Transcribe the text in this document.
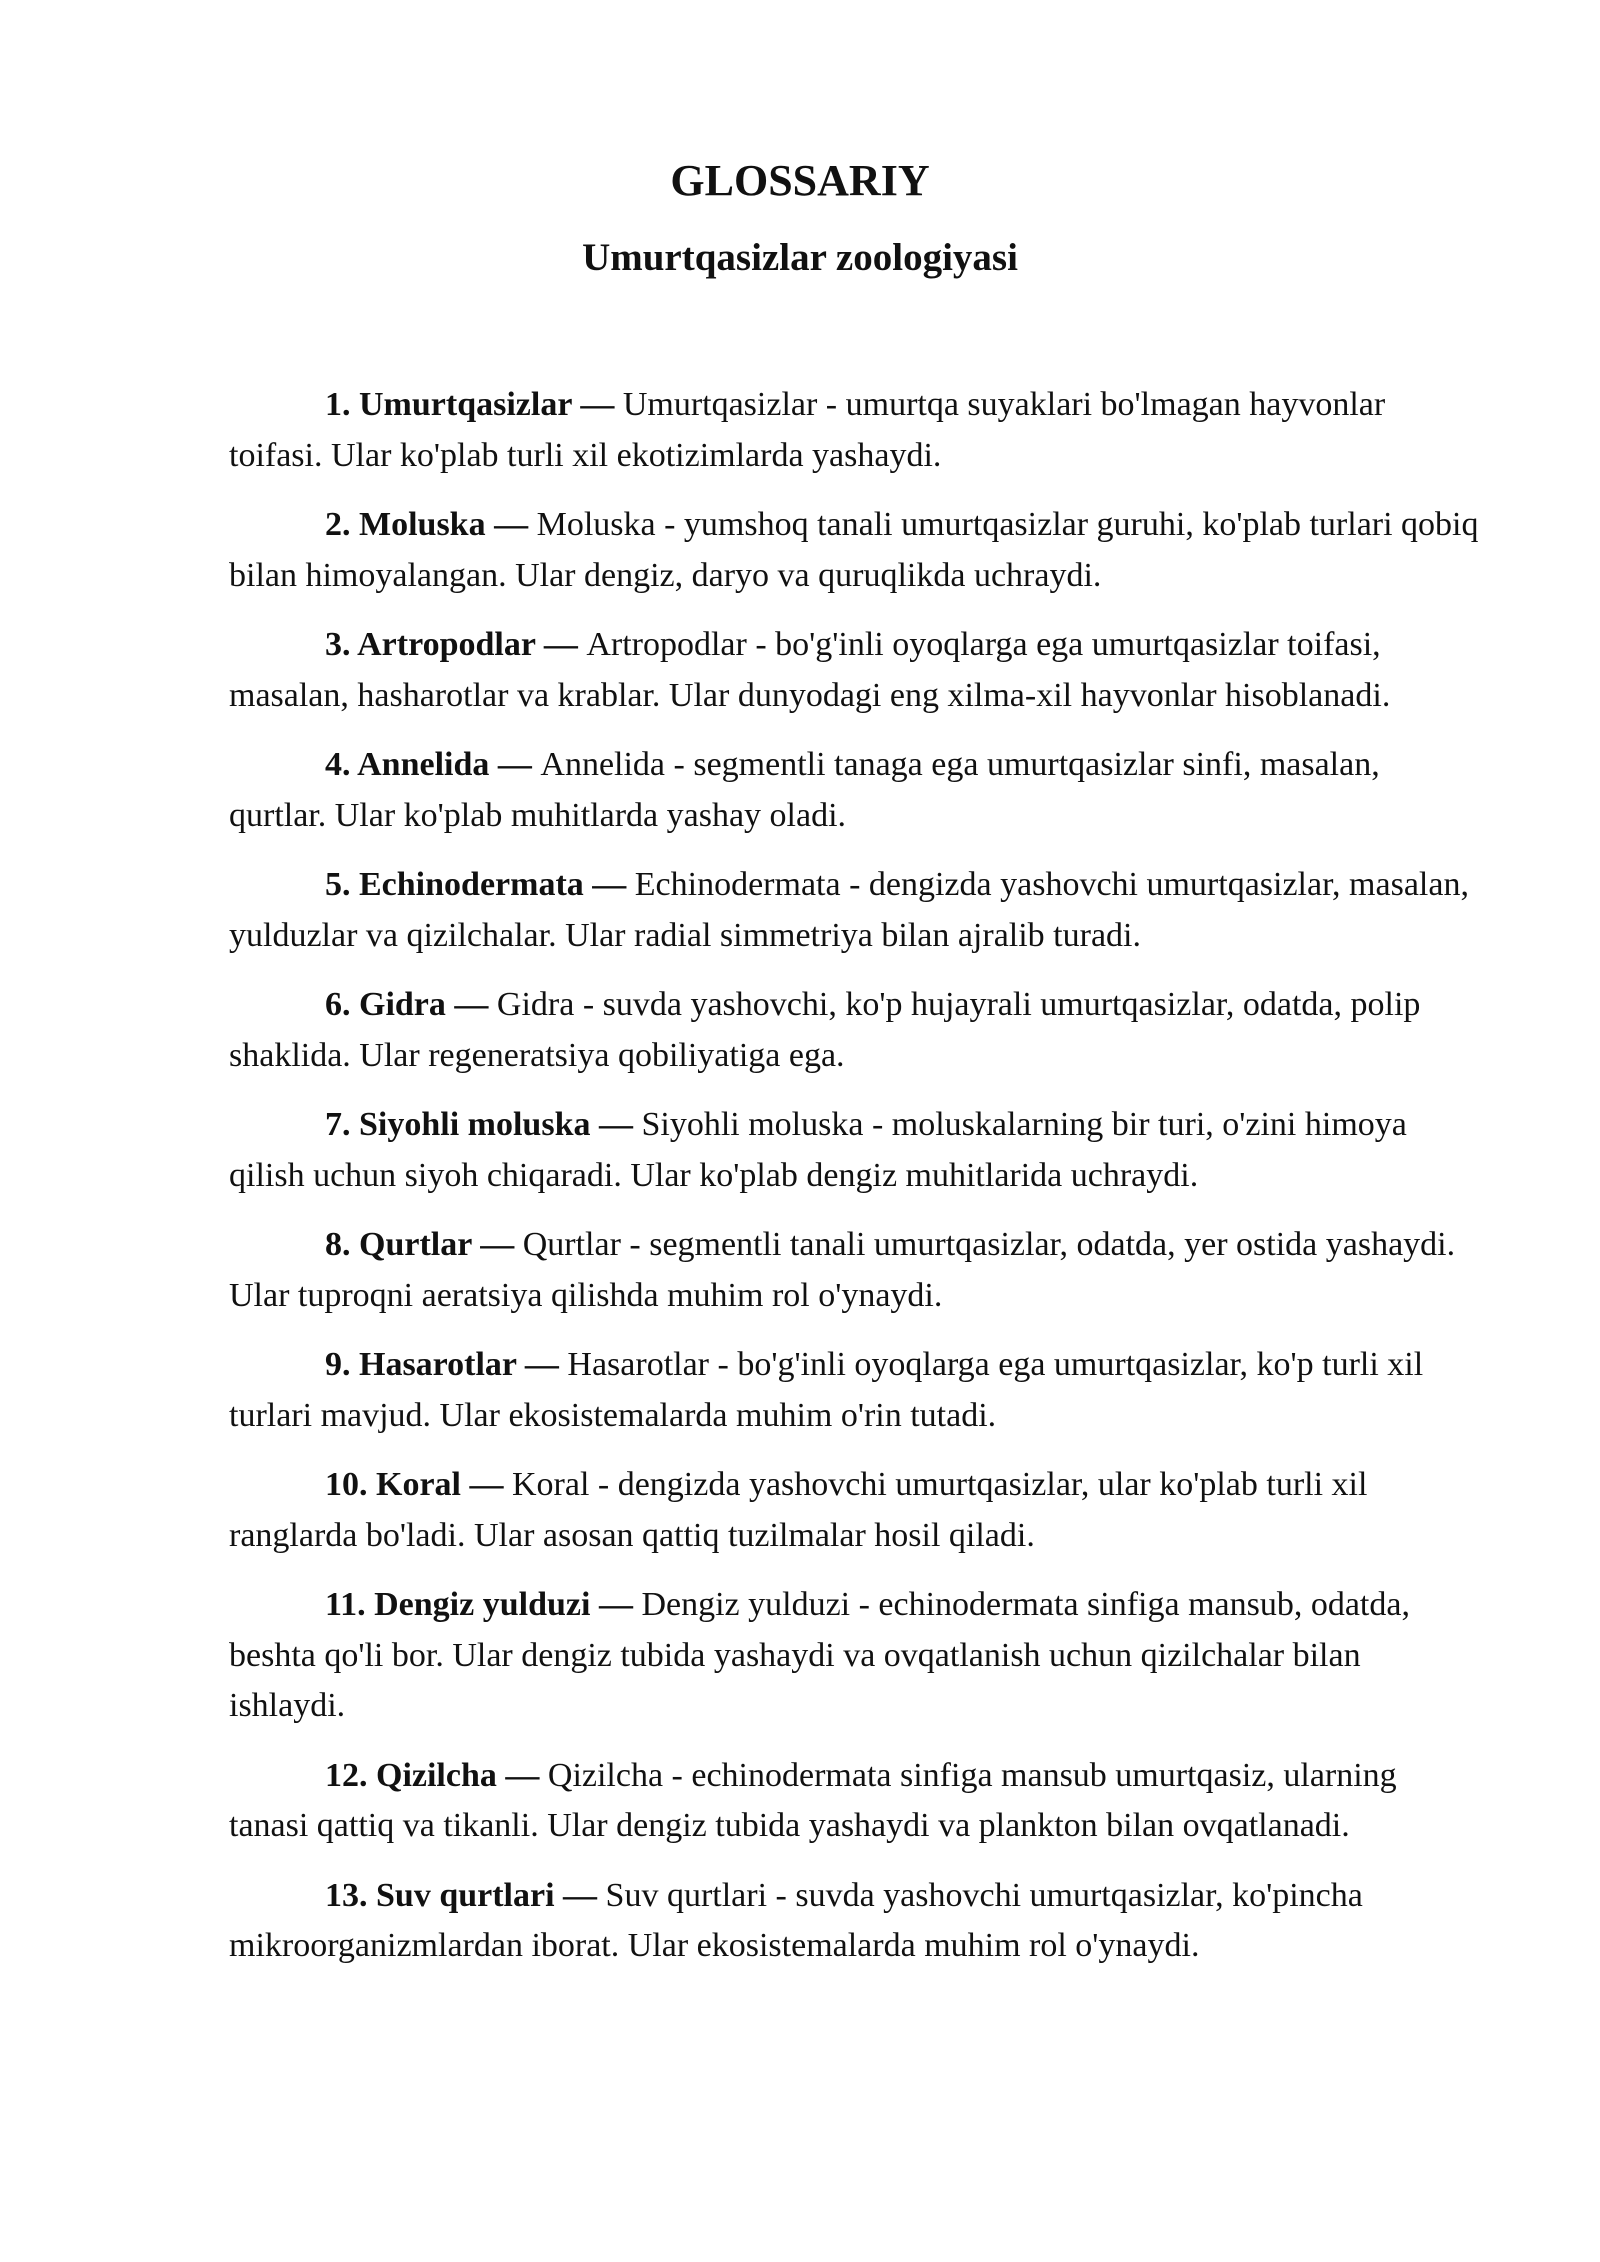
GLOSSARIY
Umurtqasizlar zoologiyasi

1. Umurtqasizlar — Umurtqasizlar - umurtqa suyaklari bo'lmagan hayvonlar toifasi. Ular ko'plab turli xil ekotizimlarda yashaydi.

2. Moluska — Moluska - yumshoq tanali umurtqasizlar guruhi, ko'plab turlari qobiq bilan himoyalangan. Ular dengiz, daryo va quruqlikda uchraydi.

3. Artropodlar — Artropodlar - bo'g'inli oyoqlarga ega umurtqasizlar toifasi, masalan, hasharotlar va krablar. Ular dunyodagi eng xilma-xil hayvonlar hisoblanadi.

4. Annelida — Annelida - segmentli tanaga ega umurtqasizlar sinfi, masalan, qurtlar. Ular ko'plab muhitlarda yashay oladi.

5. Echinodermata — Echinodermata - dengizda yashovchi umurtqasizlar, masalan, yulduzlar va qizilchalar. Ular radial simmetriya bilan ajralib turadi.

6. Gidra — Gidra - suvda yashovchi, ko'p hujayrali umurtqasizlar, odatda, polip shaklida. Ular regeneratsiya qobiliyatiga ega.

7. Siyohli moluska — Siyohli moluska - moluskalarning bir turi, o'zini himoya qilish uchun siyoh chiqaradi. Ular ko'plab dengiz muhitlarida uchraydi.

8. Qurtlar — Qurtlar - segmentli tanali umurtqasizlar, odatda, yer ostida yashaydi. Ular tuproqni aeratsiya qilishda muhim rol o'ynaydi.

9. Hasarotlar — Hasarotlar - bo'g'inli oyoqlarga ega umurtqasizlar, ko'p turli xil turlari mavjud. Ular ekosistemalarda muhim o'rin tutadi.

10. Koral — Koral - dengizda yashovchi umurtqasizlar, ular ko'plab turli xil ranglarda bo'ladi. Ular asosan qattiq tuzilmalar hosil qiladi.

11. Dengiz yulduzi — Dengiz yulduzi - echinodermata sinfiga mansub, odatda, beshta qo'li bor. Ular dengiz tubida yashaydi va ovqatlanish uchun qizilchalar bilan ishlaydi.

12. Qizilcha — Qizilcha - echinodermata sinfiga mansub umurtqasiz, ularning tanasi qattiq va tikanli. Ular dengiz tubida yashaydi va plankton bilan ovqatlanadi.

13. Suv qurtlari — Suv qurtlari - suvda yashovchi umurtqasizlar, ko'pincha mikroorganizmlardan iborat. Ular ekosistemalarda muhim rol o'ynaydi.
